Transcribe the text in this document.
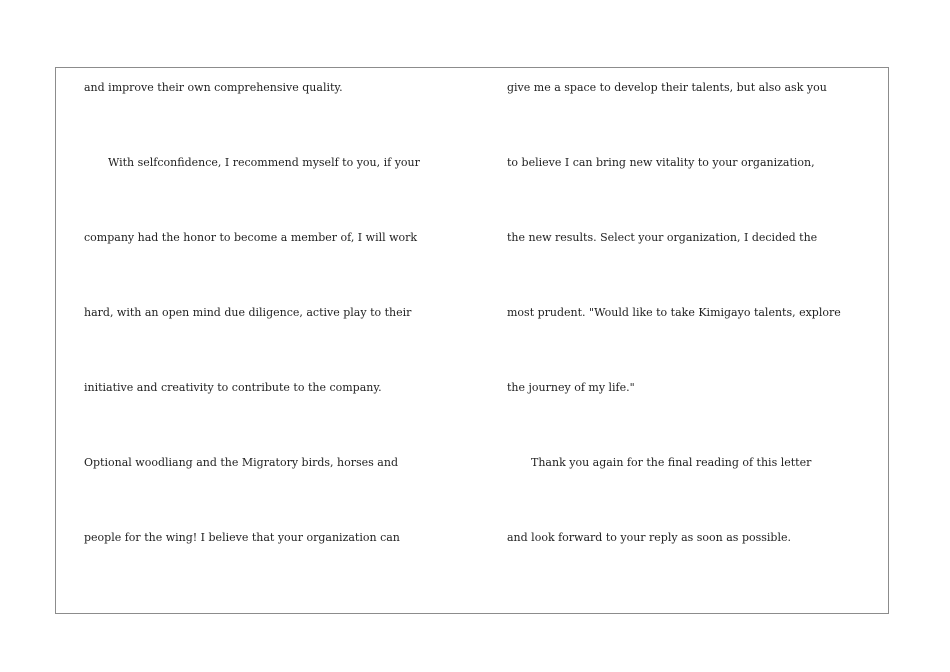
and improve their own comprehensive quality.
With selfconfidence, I recommend myself to you, if your
company had the honor to become a member of, I will work
hard, with an open mind due diligence, active play to their
initiative and creativity to contribute to the company.
Optional woodliang and the Migratory birds, horses and
people for the wing! I believe that your organization can
give me a space to develop their talents, but also ask you
to believe I can bring new vitality to your organization,
the new results. Select your organization, I decided the
most prudent. "Would like to take Kimigayo talents, explore
the journey of my life."
Thank you again for the final reading of this letter
and look forward to your reply as soon as possible.
